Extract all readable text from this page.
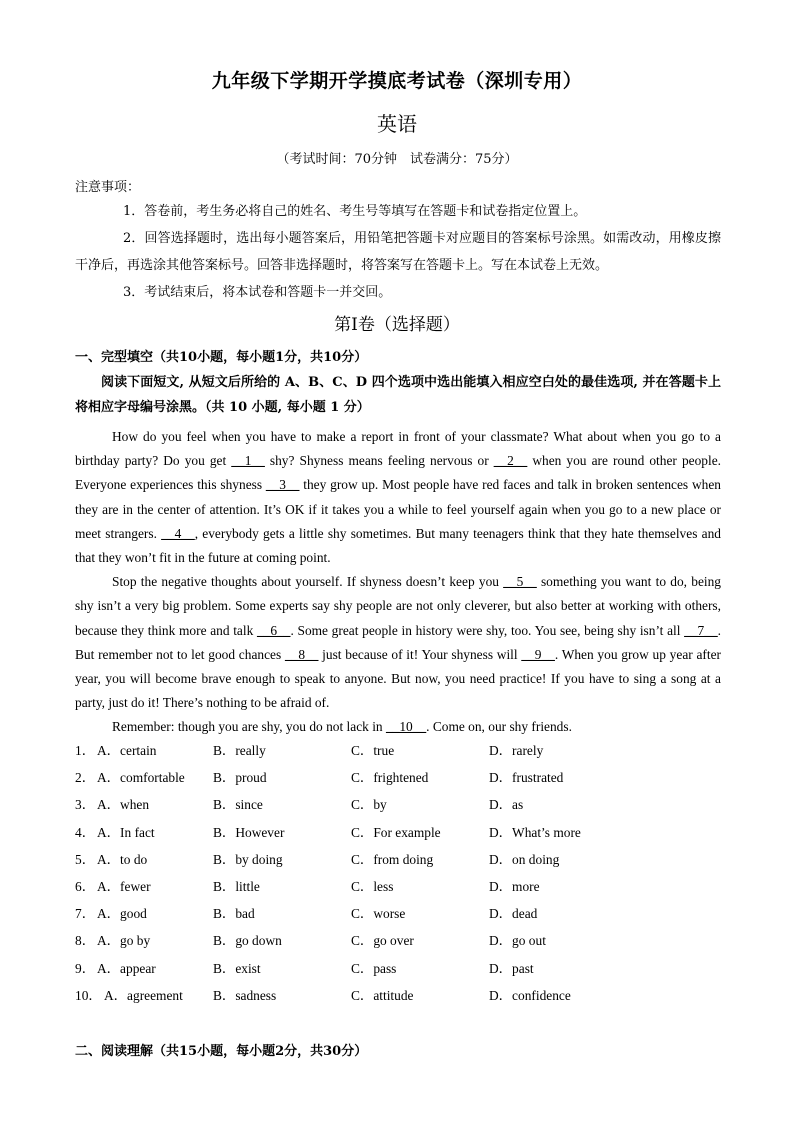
九年级下学期开学摸底考试卷（深圳专用）
英语
（考试时间：70分钟　试卷满分：75分）
注意事项：
1．答卷前，考生务必将自己的姓名、考生号等填写在答题卡和试卷指定位置上。
2．回答选择题时，选出每小题答案后，用铅笔把答题卡对应题目的答案标号涂黑。如需改动，用橡皮擦干净后，再选涂其他答案标号。回答非选择题时，将答案写在答题卡上。写在本试卷上无效。
3．考试结束后，将本试卷和答题卡一并交回。
第Ⅰ卷（选择题）
一、完型填空（共10小题，每小题1分，共10分）
阅读下面短文, 从短文后所给的 A、B、C、D 四个选项中选出能填入相应空白处的最佳选项, 并在答题卡上将相应字母编号涂黑。（共 10 小题, 每小题 1 分）

How do you feel when you have to make a report in front of your classmate? What about when you go to a birthday party? Do you get __1__ shy? Shyness means feeling nervous or __2__ when you are round other people. Everyone experiences this shyness __3__ they grow up. Most people have red faces and talk in broken sentences when they are in the center of attention. It’s OK if it takes you a while to feel yourself again when you go to a new place or meet strangers. __4__, everybody gets a little shy sometimes. But many teenagers think that they hate themselves and that they won’t fit in the future at coming point.

Stop the negative thoughts about yourself. If shyness doesn’t keep you __5__ something you want to do, being shy isn’t a very big problem. Some experts say shy people are not only cleverer, but also better at working with others, because they think more and talk __6__. Some great people in history were shy, too. You see, being shy isn’t all __7__. But remember not to let good chances __8__ just because of it! Your shyness will __9__. When you grow up year after year, you will become brave enough to speak to anyone. But now, you need practice! If you have to sing a song at a party, just do it! There’s nothing to be afraid of.

Remember: though you are shy, you do not lack in __10__. Come on, our shy friends.

1． A．certain	B．really	C．true	D．rarely
2． A．comfortable B．proud	C．frightened	D．frustrated
3． A．when	B．since	C．by	D．as
4． A．In fact	B．However	C．For example	D．What’s more
5． A．to do	B．by doing	C．from doing	D．on doing
6． A．fewer	B．little	C．less	D．more
7． A．good	B．bad	C．worse	D．dead
8． A．go by	B．go down	C．go over	D．go out
9． A．appear	B．exist	C．pass	D．past
10． A．agreement B．sadness	C．attitude	D．confidence
二、阅读理解（共15小题，每小题2分，共30分）
